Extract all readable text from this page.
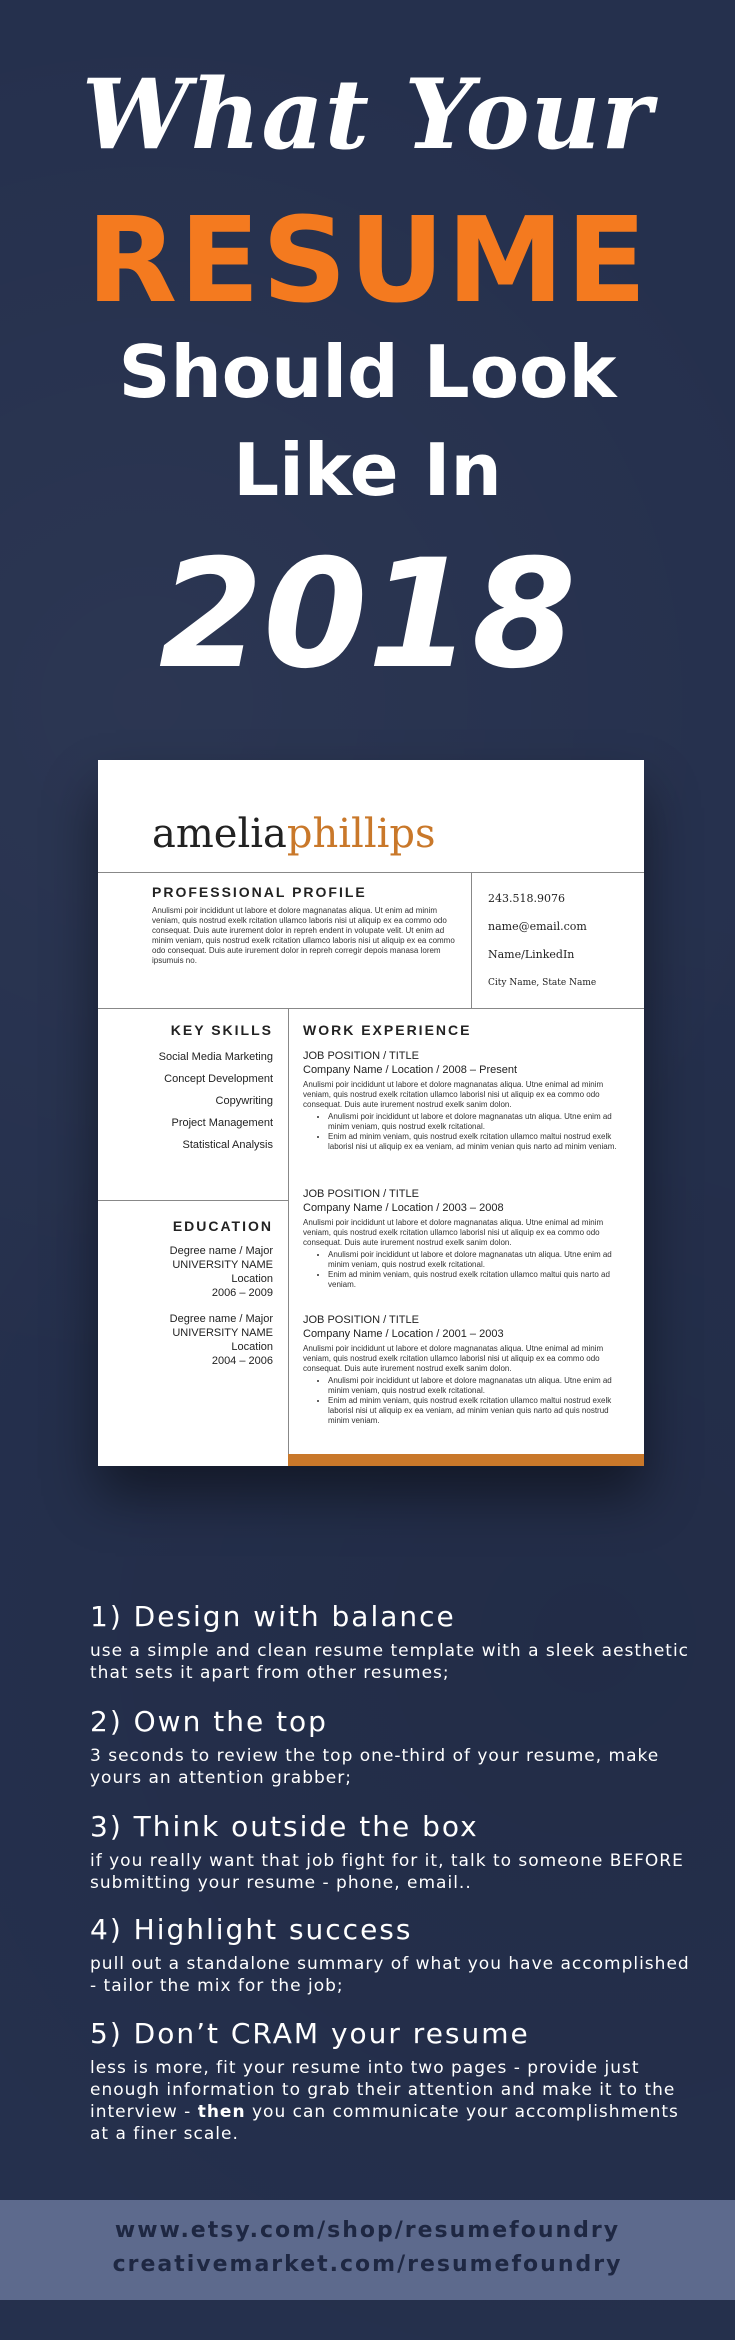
What Your
RESUME
Should Look
Like In
2018
ameliaphillips
PROFESSIONAL PROFILE
Anulismi poir incididunt ut labore et dolore magnanatas aliqua. Ut enim ad minim veniam, quis nostrud exelk rcitation ullamco laboris nisi ut aliquip ex ea commo odo consequat. Duis aute irurement dolor in repreh endent in volupate velit. Ut enim ad minim veniam, quis nostrud exelk rcitation ullamco laboris nisi ut aliquip ex ea commo odo consequat. Duis aute irurement dolor in repreh corregir depois manasa lorem ipsumuis no.
243.518.9076
name@email.com
Name/LinkedIn
City Name, State Name
KEY SKILLS
Social Media Marketing
Concept Development
Copywriting
Project Management
Statistical Analysis
EDUCATION
Degree name / Major
UNIVERSITY NAME
Location
2006 – 2009
Degree name / Major
UNIVERSITY NAME
Location
2004 – 2006
WORK EXPERIENCE
JOB POSITION / TITLE
Company Name / Location / 2008 – Present
Anulismi poir incididunt ut labore et dolore magnanatas aliqua. Utne enimal ad minim veniam, quis nostrud exelk rcitation ullamco laborisl nisi ut aliquip ex ea commo odo consequat. Duis aute irurement nostrud exelk sanim dolon.
• Anulismi poir incididunt ut labore et dolore magnanatas utn aliqua. Utne enim ad minim veniam, quis nostrud exelk rcitational.
• Enim ad minim veniam, quis nostrud exelk rcitation ullamco maltui nostrud exelk laborisl nisi ut aliquip ex ea veniam, ad minim venian quis narto ad minim veniam.
JOB POSITION / TITLE
Company Name / Location / 2003 – 2008
Anulismi poir incididunt ut labore et dolore magnanatas aliqua. Utne enimal ad minim veniam, quis nostrud exelk rcitation ullamco laborisl nisi ut aliquip ex ea commo odo consequat. Duis aute irurement nostrud exelk sanim dolon.
• Anulismi poir incididunt ut labore et dolore magnanatas utn aliqua. Utne enim ad minim veniam, quis nostrud exelk rcitational.
• Enim ad minim veniam, quis nostrud exelk rcitation ullamco maltui quis narto ad veniam.
JOB POSITION / TITLE
Company Name / Location / 2001 – 2003
Anulismi poir incididunt ut labore et dolore magnanatas aliqua. Utne enimal ad minim veniam, quis nostrud exelk rcitation ullamco laborisl nisi ut aliquip ex ea commo odo consequat. Duis aute irurement nostrud exelk sanim dolon.
• Anulismi poir incididunt ut labore et dolore magnanatas utn aliqua. Utne enim ad minim veniam, quis nostrud exelk rcitational.
• Enim ad minim veniam, quis nostrud exelk rcitation ullamco maltui nostrud exelk laborisl nisi ut aliquip ex ea veniam, ad minim venian quis narto ad quis nostrud minim veniam.
1) Design with balance
use a simple and clean resume template with a sleek aesthetic that sets it apart from other resumes;
2) Own the top
3 seconds to review the top one-third of your resume, make yours an attention grabber;
3) Think outside the box
if you really want that job fight for it, talk to someone BEFORE submitting your resume - phone, email..
4) Highlight success
pull out a standalone summary of what you have accomplished - tailor the mix for the job;
5) Don’t CRAM your resume
less is more, fit your resume into two pages - provide just enough information to grab their attention and make it to the interview - then you can communicate your accomplishments at a finer scale.
www.etsy.com/shop/resumefoundry
creativemarket.com/resumefoundry
